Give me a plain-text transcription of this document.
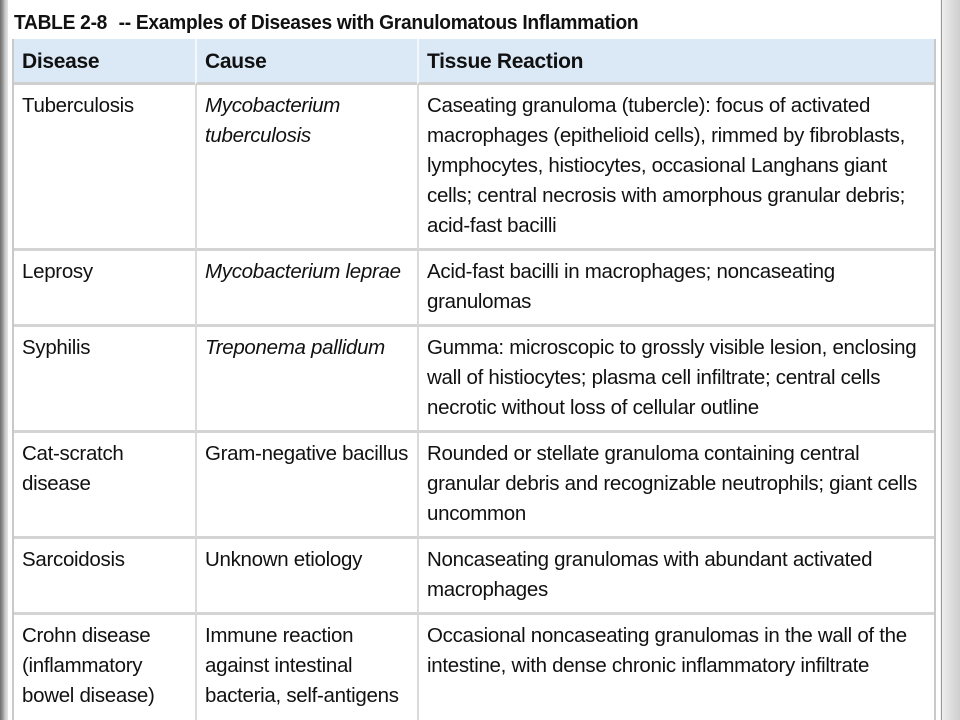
TABLE 2-8 -- Examples of Diseases with Granulomatous Inflammation
Disease	Cause	Tissue Reaction
Tuberculosis	Mycobacterium tuberculosis	Caseating granuloma (tubercle): focus of activated macrophages (epithelioid cells), rimmed by fibroblasts, lymphocytes, histiocytes, occasional Langhans giant cells; central necrosis with amorphous granular debris; acid-fast bacilli
Leprosy	Mycobacterium leprae	Acid-fast bacilli in macrophages; noncaseating granulomas
Syphilis	Treponema pallidum	Gumma: microscopic to grossly visible lesion, enclosing wall of histiocytes; plasma cell infiltrate; central cells necrotic without loss of cellular outline
Cat-scratch disease	Gram-negative bacillus	Rounded or stellate granuloma containing central granular debris and recognizable neutrophils; giant cells uncommon
Sarcoidosis	Unknown etiology	Noncaseating granulomas with abundant activated macrophages
Crohn disease (inflammatory bowel disease)	Immune reaction against intestinal bacteria, self-antigens	Occasional noncaseating granulomas in the wall of the intestine, with dense chronic inflammatory infiltrate
